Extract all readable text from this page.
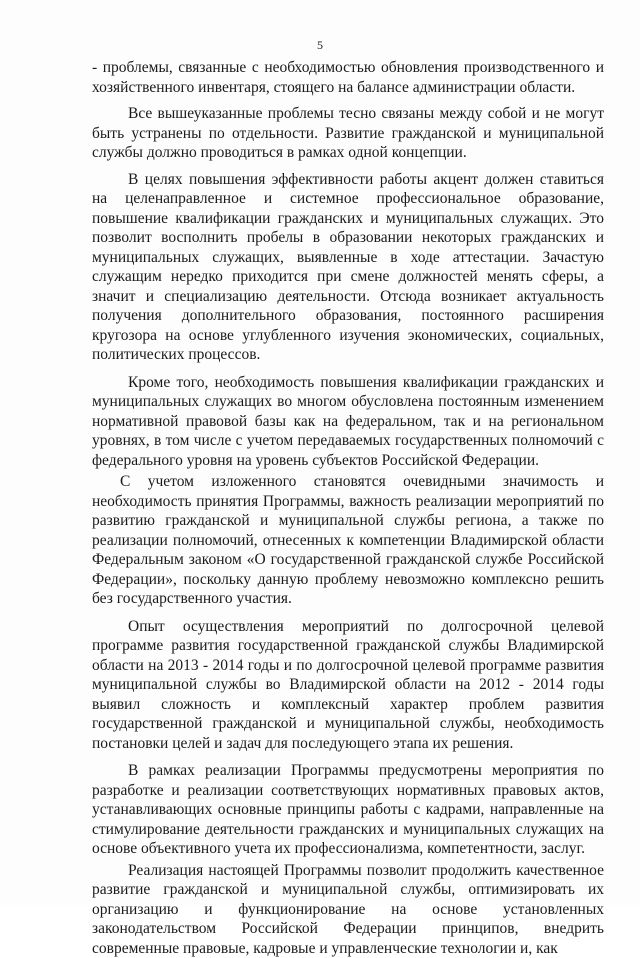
5

- проблемы, связанные с необходимостью обновления производственного и хозяйственного инвентаря, стоящего на балансе администрации области.

Все вышеуказанные проблемы тесно связаны между собой и не могут быть устранены по отдельности. Развитие гражданской и муниципальной службы должно проводиться в рамках одной концепции.

В целях повышения эффективности работы акцент должен ставиться на целенаправленное и системное профессиональное образование, повышение квалификации гражданских и муниципальных служащих. Это позволит восполнить пробелы в образовании некоторых гражданских и муниципальных служащих, выявленные в ходе аттестации. Зачастую служащим нередко приходится при смене должностей менять сферы, а значит и специализацию деятельности. Отсюда возникает актуальность получения дополнительного образования, постоянного расширения кругозора на основе углубленного изучения экономических, социальных, политических процессов.

Кроме того, необходимость повышения квалификации гражданских и муниципальных служащих во многом обусловлена постоянным изменением нормативной правовой базы как на федеральном, так и на региональном уровнях, в том числе с учетом передаваемых государственных полномочий с федерального уровня на уровень субъектов Российской Федерации.

С учетом изложенного становятся очевидными значимость и необходимость принятия Программы, важность реализации мероприятий по развитию гражданской и муниципальной службы региона, а также по реализации полномочий, отнесенных к компетенции Владимирской области Федеральным законом «О государственной гражданской службе Российской Федерации», поскольку данную проблему невозможно комплексно решить без государственного участия.

Опыт осуществления мероприятий по долгосрочной целевой программе развития государственной гражданской службы Владимирской области на 2013 - 2014 годы и по долгосрочной целевой программе развития муниципальной службы во Владимирской области на 2012 - 2014 годы выявил сложность и комплексный характер проблем развития государственной гражданской и муниципальной службы, необходимость постановки целей и задач для последующего этапа их решения.

В рамках реализации Программы предусмотрены мероприятия по разработке и реализации соответствующих нормативных правовых актов, устанавливающих основные принципы работы с кадрами, направленные на стимулирование деятельности гражданских и муниципальных служащих на основе объективного учета их профессионализма, компетентности, заслуг.

Реализация настоящей Программы позволит продолжить качественное развитие гражданской и муниципальной службы, оптимизировать их организацию и функционирование на основе установленных законодательством Российской Федерации принципов, внедрить современные правовые, кадровые и управленческие технологии и, как
